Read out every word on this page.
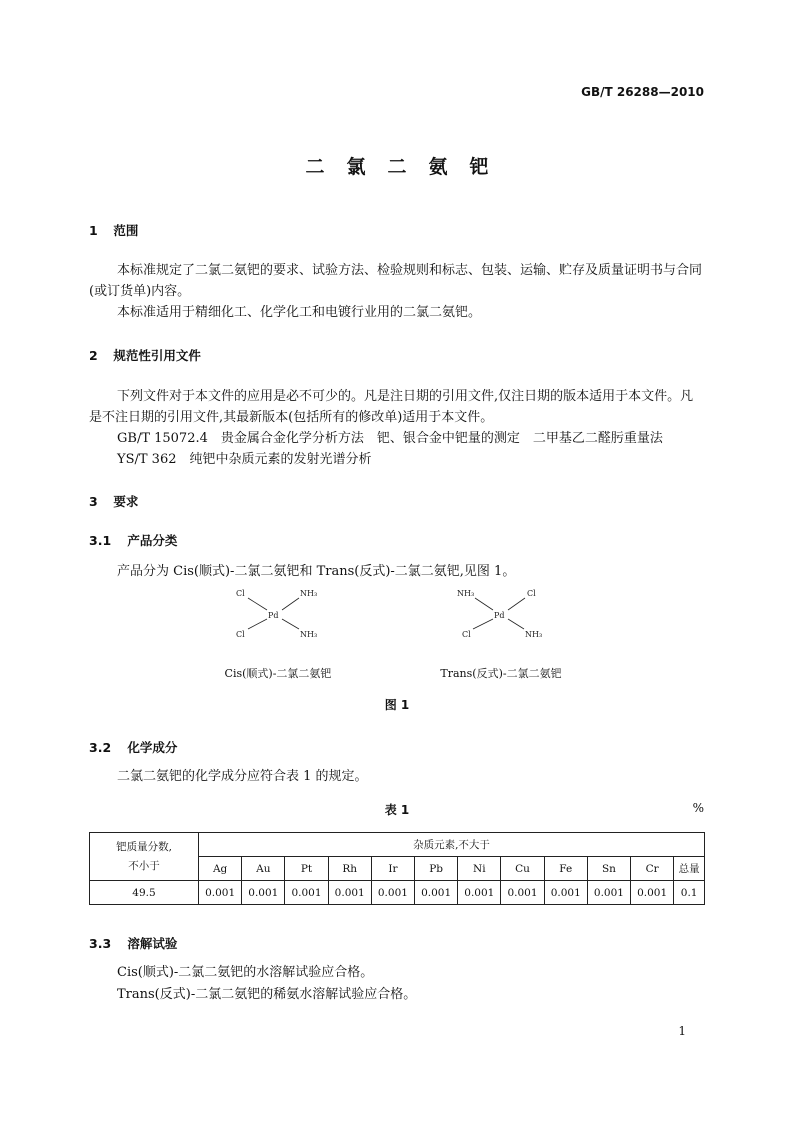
GB/T 26288—2010
二氯二氨钯
1 范围
本标准规定了二氯二氨钯的要求、试验方法、检验规则和标志、包装、运输、贮存及质量证明书与合同(或订货单)内容。
本标准适用于精细化工、化学化工和电镀行业用的二氯二氨钯。
2 规范性引用文件
下列文件对于本文件的应用是必不可少的。凡是注日期的引用文件,仅注日期的版本适用于本文件。凡是不注日期的引用文件,其最新版本(包括所有的修改单)适用于本文件。
GB/T 15072.4　贵金属合金化学分析方法　钯、银合金中钯量的测定　二甲基乙二醛肟重量法
YS/T 362　纯钯中杂质元素的发射光谱分析
3 要求
3.1 产品分类
产品分为 Cis(顺式)-二氯二氨钯和 Trans(反式)-二氯二氨钯,见图 1。
Cl	NH₃
Pd
Cl	NH₃
NH₃	Cl
Pd
Cl	NH₃
Cis(顺式)-二氯二氨钯	Trans(反式)-二氯二氨钯
图 1
3.2 化学成分
二氯二氨钯的化学成分应符合表 1 的规定。
表 1	%
钯质量分数,
不小于	杂质元素,不大于											
	Ag	Au	Pt	Rh	Ir	Pb	Ni	Cu	Fe	Sn	Cr	总量
49.5	0.001	0.001	0.001	0.001	0.001	0.001	0.001	0.001	0.001	0.001	0.001	0.1
3.3 溶解试验
Cis(顺式)-二氯二氨钯的水溶解试验应合格。
Trans(反式)-二氯二氨钯的稀氨水溶解试验应合格。
1
